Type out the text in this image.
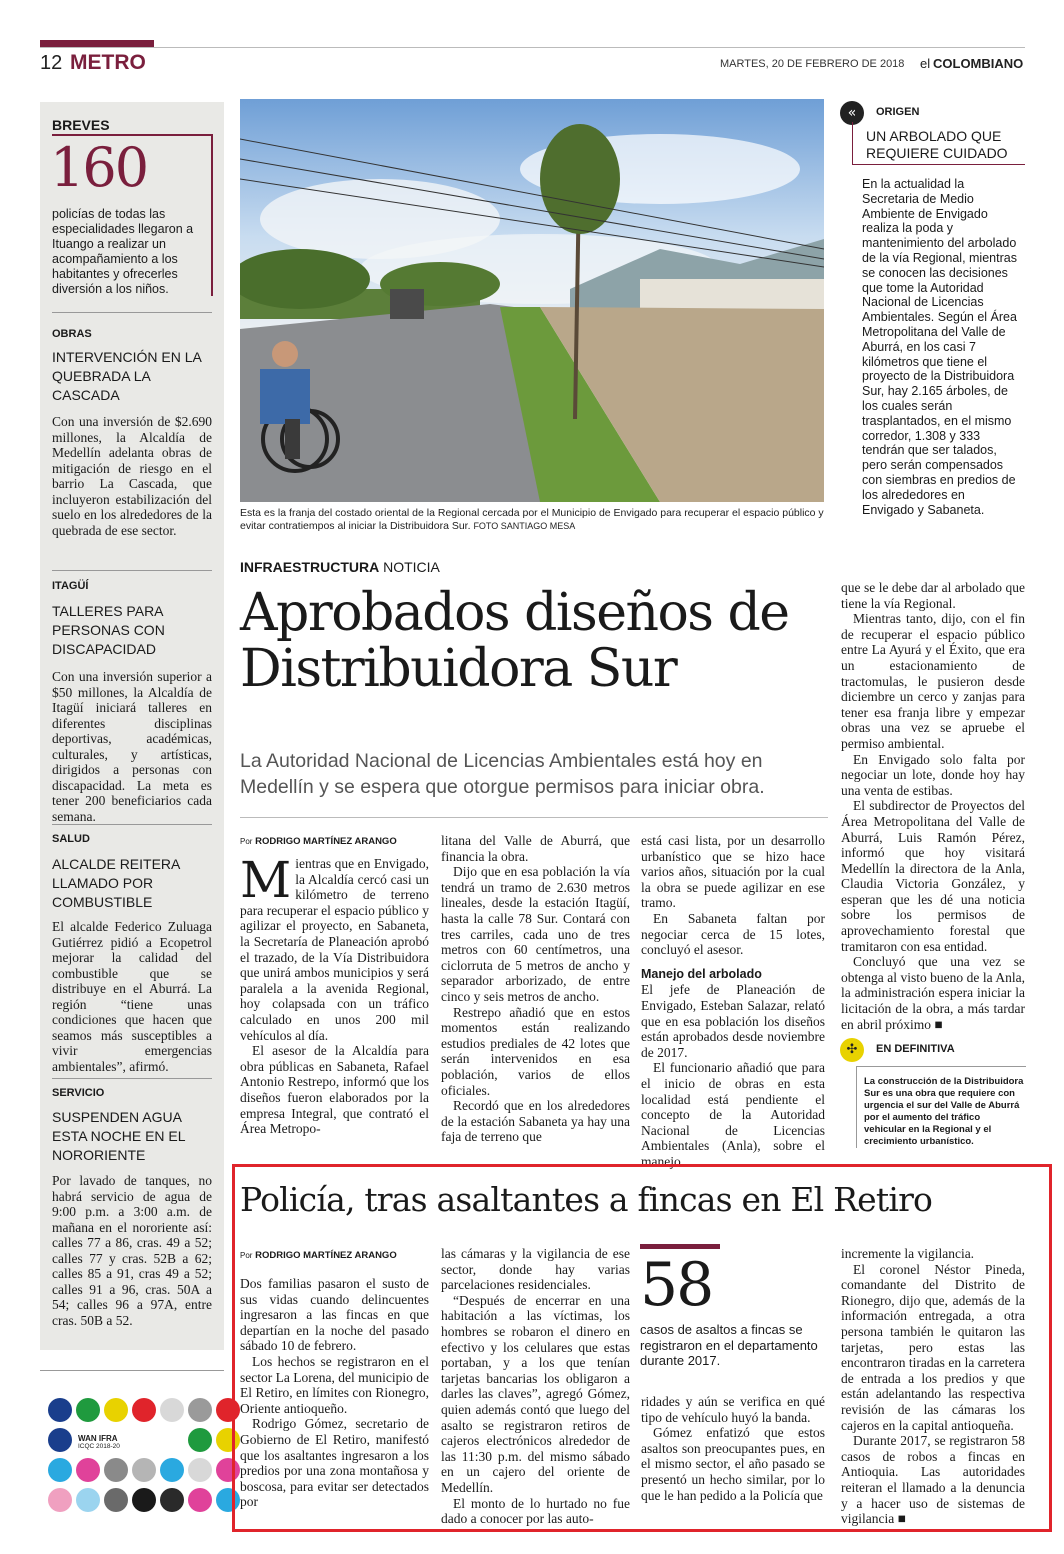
12 METRO	MARTES, 20 DE FEBRERO DE 2018 el COLOMBIANO
BREVES
160
policías de todas las especialidades llegaron a Ituango a realizar un acompañamiento a los habitantes y ofrecerles diversión a los niños.
OBRAS
INTERVENCIÓN EN LA QUEBRADA LA CASCADA
Con una inversión de $2.690 millones, la Alcaldía de Medellín adelanta obras de mitigación de riesgo en el barrio La Cascada, que incluyeron estabilización del suelo en los alrededores de la quebrada de ese sector.
ITAGÜÍ
TALLERES PARA PERSONAS CON DISCAPACIDAD
Con una inversión superior a $50 millones, la Alcaldía de Itagüí iniciará talleres en diferentes disciplinas deportivas, académicas, culturales, y artísticas, dirigidos a personas con discapacidad. La meta es tener 200 beneficiarios cada semana.
SALUD
ALCALDE REITERA LLAMADO POR COMBUSTIBLE
El alcalde Federico Zuluaga Gutiérrez pidió a Ecopetrol mejorar la calidad del combustible que se distribuye en el Aburrá. La región “tiene unas condiciones que hacen que seamos más susceptibles a vivir emergencias ambientales”, afirmó.
SERVICIO
SUSPENDEN AGUA ESTA NOCHE EN EL NORORIENTE
Por lavado de tanques, no habrá servicio de agua de 9:00 p.m. a 3:00 a.m. de mañana en el nororiente así: calles 77 a 86, cras. 49 a 52; calles 77 y cras. 52B a 62; calles 85 a 91, cras 49 a 52; calles 91 a 96, cras. 50A a 54; calles 96 a 97A, entre cras. 50B a 52.
WAN IFRA
ICQC 2018-20
Esta es la franja del costado oriental de la Regional cercada por el Municipio de Envigado para recuperar el espacio público y evitar contratiempos al iniciar la Distribuidora Sur. FOTO SANTIAGO MESA
INFRAESTRUCTURA NOTICIA
Aprobados diseños de Distribuidora Sur
La Autoridad Nacional de Licencias Ambientales está hoy en Medellín y se espera que otorgue permisos para iniciar obra.
Por RODRIGO MARTÍNEZ ARANGO
M ientras que en Envigado, la Alcaldía cercó casi un kilómetro de terreno para recuperar el espacio público y agilizar el proyecto, en Sabaneta, la Secretaría de Planeación aprobó el trazado, de la Vía Distribuidora que unirá ambos municipios y será paralela a la avenida Regional, hoy colapsada con un tráfico calculado en unos 200 mil vehículos al día.

El asesor de la Alcaldía para obra públicas en Sabaneta, Rafael Antonio Restrepo, informó que los diseños fueron elaborados por la empresa Integral, que contrató el Área Metropo-

litana del Valle de Aburrá, que financia la obra.

Dijo que en esa población la vía tendrá un tramo de 2.630 metros lineales, desde la estación Itagüí, hasta la calle 78 Sur. Contará con tres carriles, cada uno de tres metros con 60 centímetros, una ciclorruta de 5 metros de ancho y separador arborizado, de entre cinco y seis metros de ancho.

Restrepo añadió que en estos momentos están realizando estudios prediales de 42 lotes que serán intervenidos en esa población, varios de ellos oficiales.

Recordó que en los alrededores de la estación Sabaneta ya hay una faja de terreno que

está casi lista, por un desarrollo urbanístico que se hizo hace varios años, situación por la cual la obra se puede agilizar en ese tramo.

En Sabaneta faltan por negociar cerca de 15 lotes, concluyó el asesor.

Manejo del arbolado

El jefe de Planeación de Envigado, Esteban Salazar, relató que en esa población los diseños están aprobados desde noviembre de 2017.

El funcionario añadió que para el inicio de obras en esta localidad está pendiente el concepto de la Autoridad Nacional de Licencias Ambientales (Anla), sobre el manejo

que se le debe dar al arbolado que tiene la vía Regional.

Mientras tanto, dijo, con el fin de recuperar el espacio público entre La Ayurá y el Éxito, que era un estacionamiento de tractomulas, le pusieron desde diciembre un cerco y zanjas para tener esa franja libre y empezar obras una vez se apruebe el permiso ambiental.

En Envigado solo falta por negociar un lote, donde hoy hay una venta de estibas.

El subdirector de Proyectos del Área Metropolitana del Valle de Aburrá, Luis Ramón Pérez, informó que hoy visitará Medellín la directora de la Anla, Claudia Victoria González, y esperan que les dé una noticia sobre los permisos de aprovechamiento forestal que tramitaron con esa entidad.

Concluyó que una vez se obtenga al visto bueno de la Anla, la administración espera iniciar la licitación de la obra, a más tardar en abril próximo ■

«	ORIGEN
UN ARBOLADO QUE REQUIERE CUIDADO
En la actualidad la Secretaria de Medio Ambiente de Envigado realiza la poda y mantenimiento del arbolado de la vía Regional, mientras se conocen las decisiones que tome la Autoridad Nacional de Licencias Ambientales. Según el Área Metropolitana del Valle de Aburrá, en los casi 7 kilómetros que tiene el proyecto de la Distribuidora Sur, hay 2.165 árboles, de los cuales serán trasplantados, en el mismo corredor, 1.308 y 333 tendrán que ser talados, pero serán compensados con siembras en predios de los alrededores en Envigado y Sabaneta.
✣	EN DEFINITIVA
La construcción de la Distribuidora Sur es una obra que requiere con urgencia el sur del Valle de Aburrá por el aumento del tráfico vehicular en la Regional y el crecimiento urbanístico.
Policía, tras asaltantes a fincas en El Retiro
Por RODRIGO MARTÍNEZ ARANGO

Dos familias pasaron el susto de sus vidas cuando delincuentes ingresaron a las fincas en que departían en la noche del pasado sábado 10 de febrero.

Los hechos se registraron en el sector La Lorena, del municipio de El Retiro, en límites con Rionegro, Oriente antioqueño.

Rodrigo Gómez, secretario de Gobierno de El Retiro, manifestó que los asaltantes ingresaron a los predios por una zona montañosa y boscosa, para evitar ser detectados por

las cámaras y la vigilancia de ese sector, donde hay varias parcelaciones residenciales.

“Después de encerrar en una habitación a las víctimas, los hombres se robaron el dinero en efectivo y los celulares que estas portaban, y a los que tenían tarjetas bancarias los obligaron a darles las claves”, agregó Gómez, quien además contó que luego del asalto se registraron retiros de cajeros electrónicos alrededor de las 11:30 p.m. del mismo sábado en un cajero del oriente de Medellín.

El monto de lo hurtado no fue dado a conocer por las auto-

58
casos de asaltos a fincas se registraron en el departamento durante 2017.

ridades y aún se verifica en qué tipo de vehículo huyó la banda.

Gómez enfatizó que estos asaltos son preocupantes pues, en el mismo sector, el año pasado se presentó un hecho similar, por lo que le han pedido a la Policía que

incremente la vigilancia.

El coronel Néstor Pineda, comandante del Distrito de Rionegro, dijo que, además de la información entregada, a otra persona también le quitaron las tarjetas, pero estas las encontraron tiradas en la carretera de entrada a los predios y que están adelantando las respectiva revisión de las cámaras los cajeros en la capital antioqueña.

Durante 2017, se registraron 58 casos de robos a fincas en Antioquia. Las autoridades reiteran el llamado a la denuncia y a hacer uso de sistemas de vigilancia ■
